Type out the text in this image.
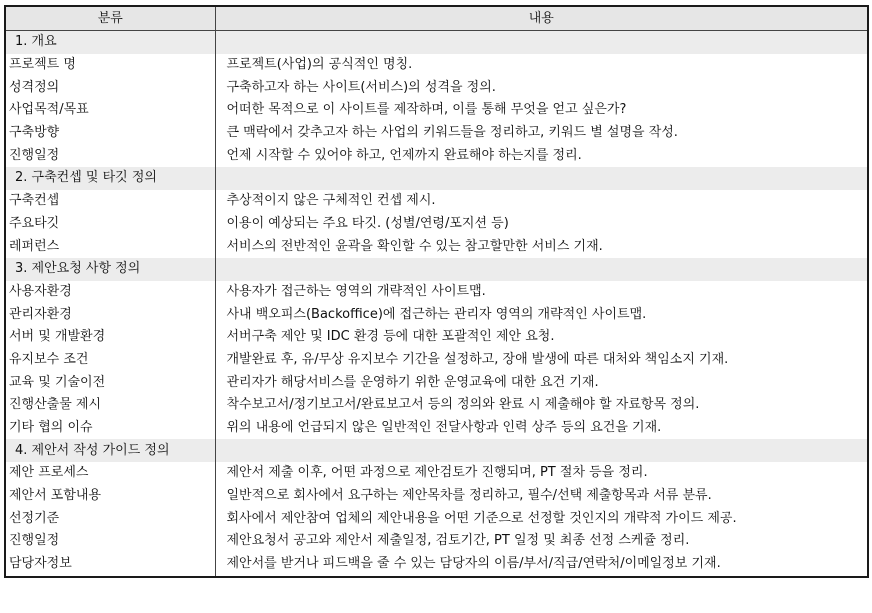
분류	내용
1. 개요	
프로젝트 명	프로젝트(사업)의 공식적인 명칭.
성격정의	구축하고자 하는 사이트(서비스)의 성격을 정의.
사업목적/목표	어떠한 목적으로 이 사이트를 제작하며, 이를 통해 무엇을 얻고 싶은가?
구축방향	큰 맥락에서 갖추고자 하는 사업의 키워드들을 정리하고, 키워드 별 설명을 작성.
진행일정	언제 시작할 수 있어야 하고, 언제까지 완료해야 하는지를 정리.
2. 구축컨셉 및 타깃 정의	
구축컨셉	추상적이지 않은 구체적인 컨셉 제시.
주요타깃	이용이 예상되는 주요 타깃. (성별/연령/포지션 등)
레퍼런스	서비스의 전반적인 윤곽을 확인할 수 있는 참고할만한 서비스 기재.
3. 제안요청 사항 정의	
사용자환경	사용자가 접근하는 영역의 개략적인 사이트맵.
관리자환경	사내 백오피스(Backoffice)에 접근하는 관리자 영역의 개략적인 사이트맵.
서버 및 개발환경	서버구축 제안 및 IDC 환경 등에 대한 포괄적인 제안 요청.
유지보수 조건	개발완료 후, 유/무상 유지보수 기간을 설정하고, 장애 발생에 따른 대처와 책임소지 기재.
교육 및 기술이전	관리자가 해당서비스를 운영하기 위한 운영교육에 대한 요건 기재.
진행산출물 제시	착수보고서/정기보고서/완료보고서 등의 정의와 완료 시 제출해야 할 자료항목 정의.
기타 협의 이슈	위의 내용에 언급되지 않은 일반적인 전달사항과 인력 상주 등의 요건을 기재.
4. 제안서 작성 가이드 정의	
제안 프로세스	제안서 제출 이후, 어떤 과정으로 제안검토가 진행되며, PT 절차 등을 정리.
제안서 포함내용	일반적으로 회사에서 요구하는 제안목차를 정리하고, 필수/선택 제출항목과 서류 분류.
선정기준	회사에서 제안참여 업체의 제안내용을 어떤 기준으로 선정할 것인지의 개략적 가이드 제공.
진행일정	제안요청서 공고와 제안서 제출일정, 검토기간, PT 일정 및 최종 선정 스케쥴 정리.
담당자정보	제안서를 받거나 피드백을 줄 수 있는 담당자의 이름/부서/직급/연락처/이메일정보 기재.
